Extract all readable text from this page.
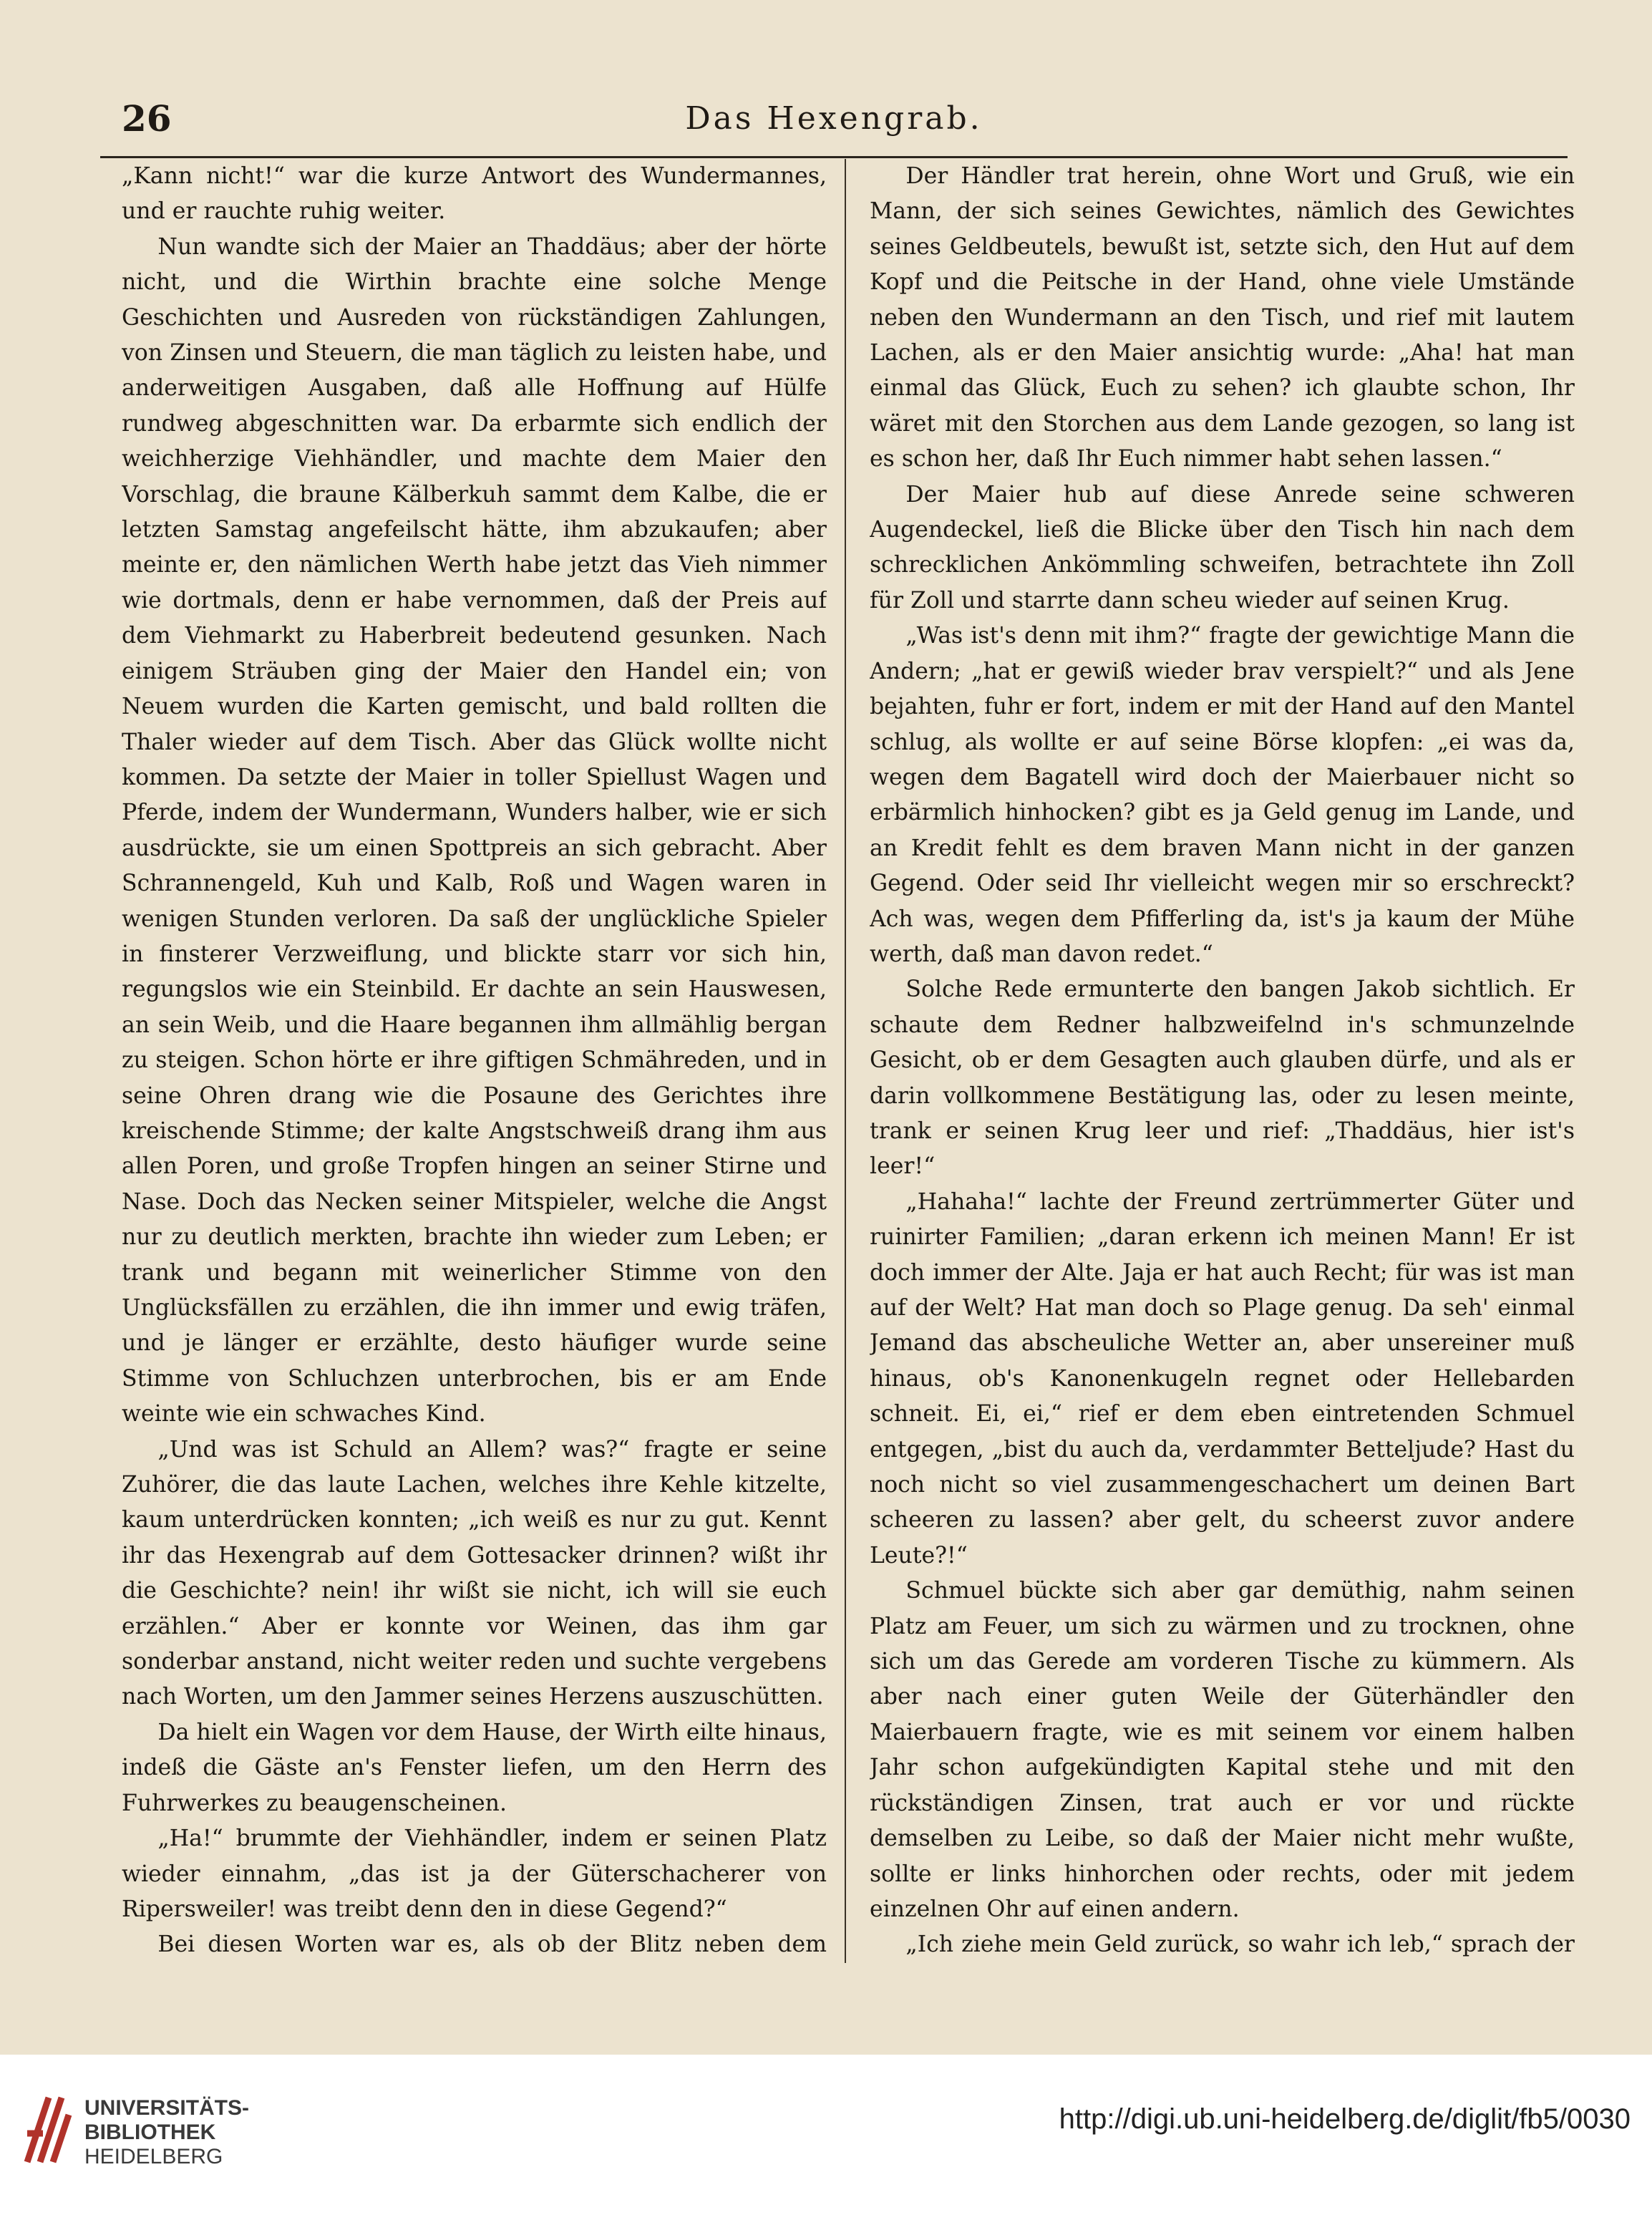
26	Das Hexengrab.

„Kann nicht!“ war die kurze Antwort des Wundermannes, und er rauchte ruhig weiter.

Nun wandte sich der Maier an Thaddäus; aber der hörte nicht, und die Wirthin brachte eine solche Menge Geschichten und Ausreden von rückständigen Zahlungen, von Zinsen und Steuern, die man täglich zu leisten habe, und anderweitigen Ausgaben, daß alle Hoffnung auf Hülfe rundweg abgeschnitten war. Da erbarmte sich endlich der weichherzige Viehhändler, und machte dem Maier den Vorschlag, die braune Kälberkuh sammt dem Kalbe, die er letzten Samstag angefeilscht hätte, ihm abzukaufen; aber meinte er, den nämlichen Werth habe jetzt das Vieh nimmer wie dortmals, denn er habe vernommen, daß der Preis auf dem Viehmarkt zu Haberbreit bedeutend gesunken. Nach einigem Sträuben ging der Maier den Handel ein; von Neuem wurden die Karten gemischt, und bald rollten die Thaler wieder auf dem Tisch. Aber das Glück wollte nicht kommen. Da setzte der Maier in toller Spiellust Wagen und Pferde, indem der Wundermann, Wunders halber, wie er sich ausdrückte, sie um einen Spottpreis an sich gebracht. Aber Schrannengeld, Kuh und Kalb, Roß und Wagen waren in wenigen Stunden verloren. Da saß der unglückliche Spieler in finsterer Verzweiflung, und blickte starr vor sich hin, regungslos wie ein Steinbild. Er dachte an sein Hauswesen, an sein Weib, und die Haare begannen ihm allmählig bergan zu steigen. Schon hörte er ihre giftigen Schmähreden, und in seine Ohren drang wie die Posaune des Gerichtes ihre kreischende Stimme; der kalte Angstschweiß drang ihm aus allen Poren, und große Tropfen hingen an seiner Stirne und Nase. Doch das Necken seiner Mitspieler, welche die Angst nur zu deutlich merkten, brachte ihn wieder zum Leben; er trank und begann mit weinerlicher Stimme von den Unglücksfällen zu erzählen, die ihn immer und ewig träfen, und je länger er erzählte, desto häufiger wurde seine Stimme von Schluchzen unterbrochen, bis er am Ende weinte wie ein schwaches Kind.

„Und was ist Schuld an Allem? was?“ fragte er seine Zuhörer, die das laute Lachen, welches ihre Kehle kitzelte, kaum unterdrücken konnten; „ich weiß es nur zu gut. Kennt ihr das Hexengrab auf dem Gottesacker drinnen? wißt ihr die Geschichte? nein! ihr wißt sie nicht, ich will sie euch erzählen.“ Aber er konnte vor Weinen, das ihm gar sonderbar anstand, nicht weiter reden und suchte vergebens nach Worten, um den Jammer seines Herzens auszuschütten.

Da hielt ein Wagen vor dem Hause, der Wirth eilte hinaus, indeß die Gäste an's Fenster liefen, um den Herrn des Fuhrwerkes zu beaugenscheinen.

„Ha!“ brummte der Viehhändler, indem er seinen Platz wieder einnahm, „das ist ja der Güterschacherer von Ripersweiler! was treibt denn den in diese Gegend?“

Bei diesen Worten war es, als ob der Blitz neben dem

Der Händler trat herein, ohne Wort und Gruß, wie ein Mann, der sich seines Gewichtes, nämlich des Gewichtes seines Geldbeutels, bewußt ist, setzte sich, den Hut auf dem Kopf und die Peitsche in der Hand, ohne viele Umstände neben den Wundermann an den Tisch, und rief mit lautem Lachen, als er den Maier ansichtig wurde: „Aha! hat man einmal das Glück, Euch zu sehen? ich glaubte schon, Ihr wäret mit den Storchen aus dem Lande gezogen, so lang ist es schon her, daß Ihr Euch nimmer habt sehen lassen.“

Der Maier hub auf diese Anrede seine schweren Augendeckel, ließ die Blicke über den Tisch hin nach dem schrecklichen Ankömmling schweifen, betrachtete ihn Zoll für Zoll und starrte dann scheu wieder auf seinen Krug.

„Was ist's denn mit ihm?“ fragte der gewichtige Mann die Andern; „hat er gewiß wieder brav verspielt?“ und als Jene bejahten, fuhr er fort, indem er mit der Hand auf den Mantel schlug, als wollte er auf seine Börse klopfen: „ei was da, wegen dem Bagatell wird doch der Maierbauer nicht so erbärmlich hinhocken? gibt es ja Geld genug im Lande, und an Kredit fehlt es dem braven Mann nicht in der ganzen Gegend. Oder seid Ihr vielleicht wegen mir so erschreckt? Ach was, wegen dem Pfifferling da, ist's ja kaum der Mühe werth, daß man davon redet.“

Solche Rede ermunterte den bangen Jakob sichtlich. Er schaute dem Redner halbzweifelnd in's schmunzelnde Gesicht, ob er dem Gesagten auch glauben dürfe, und als er darin vollkommene Bestätigung las, oder zu lesen meinte, trank er seinen Krug leer und rief: „Thaddäus, hier ist's leer!“

„Hahaha!“ lachte der Freund zertrümmerter Güter und ruinirter Familien; „daran erkenn ich meinen Mann! Er ist doch immer der Alte. Jaja er hat auch Recht; für was ist man auf der Welt? Hat man doch so Plage genug. Da seh' einmal Jemand das abscheuliche Wetter an, aber unsereiner muß hinaus, ob's Kanonenkugeln regnet oder Hellebarden schneit. Ei, ei,“ rief er dem eben eintretenden Schmuel entgegen, „bist du auch da, verdammter Betteljude? Hast du noch nicht so viel zusammengeschachert um deinen Bart scheeren zu lassen? aber gelt, du scheerst zuvor andere Leute?!“

Schmuel bückte sich aber gar demüthig, nahm seinen Platz am Feuer, um sich zu wärmen und zu trocknen, ohne sich um das Gerede am vorderen Tische zu kümmern. Als aber nach einer guten Weile der Güterhändler den Maierbauern fragte, wie es mit seinem vor einem halben Jahr schon aufgekündigten Kapital stehe und mit den rückständigen Zinsen, trat auch er vor und rückte demselben zu Leibe, so daß der Maier nicht mehr wußte, sollte er links hinhorchen oder rechts, oder mit jedem einzelnen Ohr auf einen andern.

„Ich ziehe mein Geld zurück, so wahr ich leb,“ sprach der

UNIVERSITÄTS-
BIBLIOTHEK
HEIDELBERG
http://digi.ub.uni-heidelberg.de/diglit/fb5/0030
